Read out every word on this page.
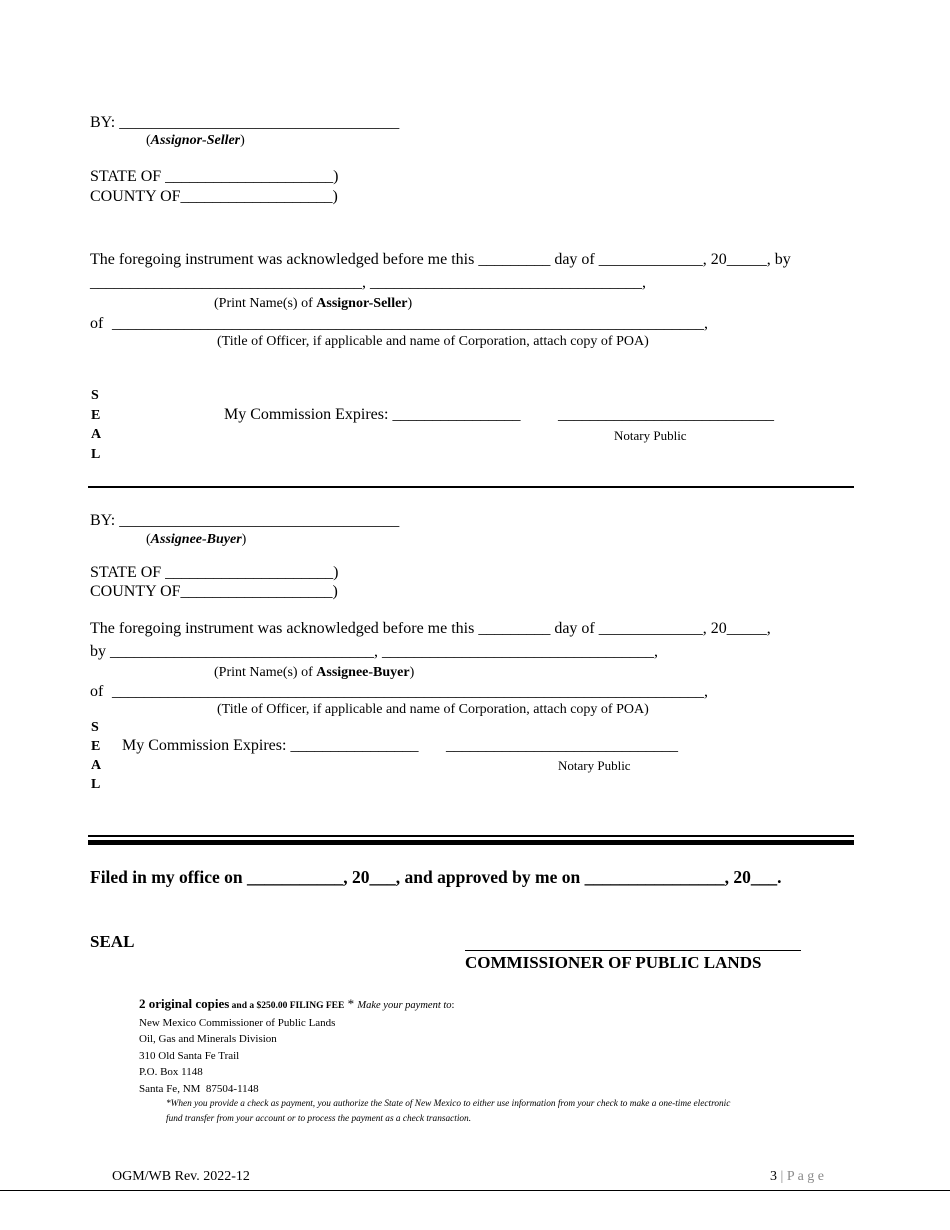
BY: ___________________________________
(Assignor-Seller)
STATE OF _____________________)
COUNTY OF___________________)
The foregoing instrument was acknowledged before me this _________ day of _____________, 20_____, by
__________________________________, __________________________________,
(Print Name(s) of Assignor-Seller)
of __________________________________________________________________________,
(Title of Officer, if applicable and name of Corporation, attach copy of POA)
S
E
A
L
My Commission Expires: ________________ ___________________________
Notary Public
BY: ___________________________________
(Assignee-Buyer)
STATE OF _____________________)
COUNTY OF___________________)
The foregoing instrument was acknowledged before me this _________ day of _____________, 20_____,
by _________________________________, __________________________________,
(Print Name(s) of Assignee-Buyer)
of __________________________________________________________________________,
(Title of Officer, if applicable and name of Corporation, attach copy of POA)
S
E
A
L
My Commission Expires: ________________ _____________________________
Notary Public
Filed in my office on ___________, 20___, and approved by me on ________________, 20___.
SEAL
COMMISSIONER OF PUBLIC LANDS
2 original copies and a $250.00 FILING FEE * Make your payment to:
New Mexico Commissioner of Public Lands
Oil, Gas and Minerals Division
310 Old Santa Fe Trail
P.O. Box 1148
Santa Fe, NM  87504-1148
*When you provide a check as payment, you authorize the State of New Mexico to either use information from your check to make a one-time electronic
fund transfer from your account or to process the payment as a check transaction.
OGM/WB Rev. 2022-12	3 | P a g e
